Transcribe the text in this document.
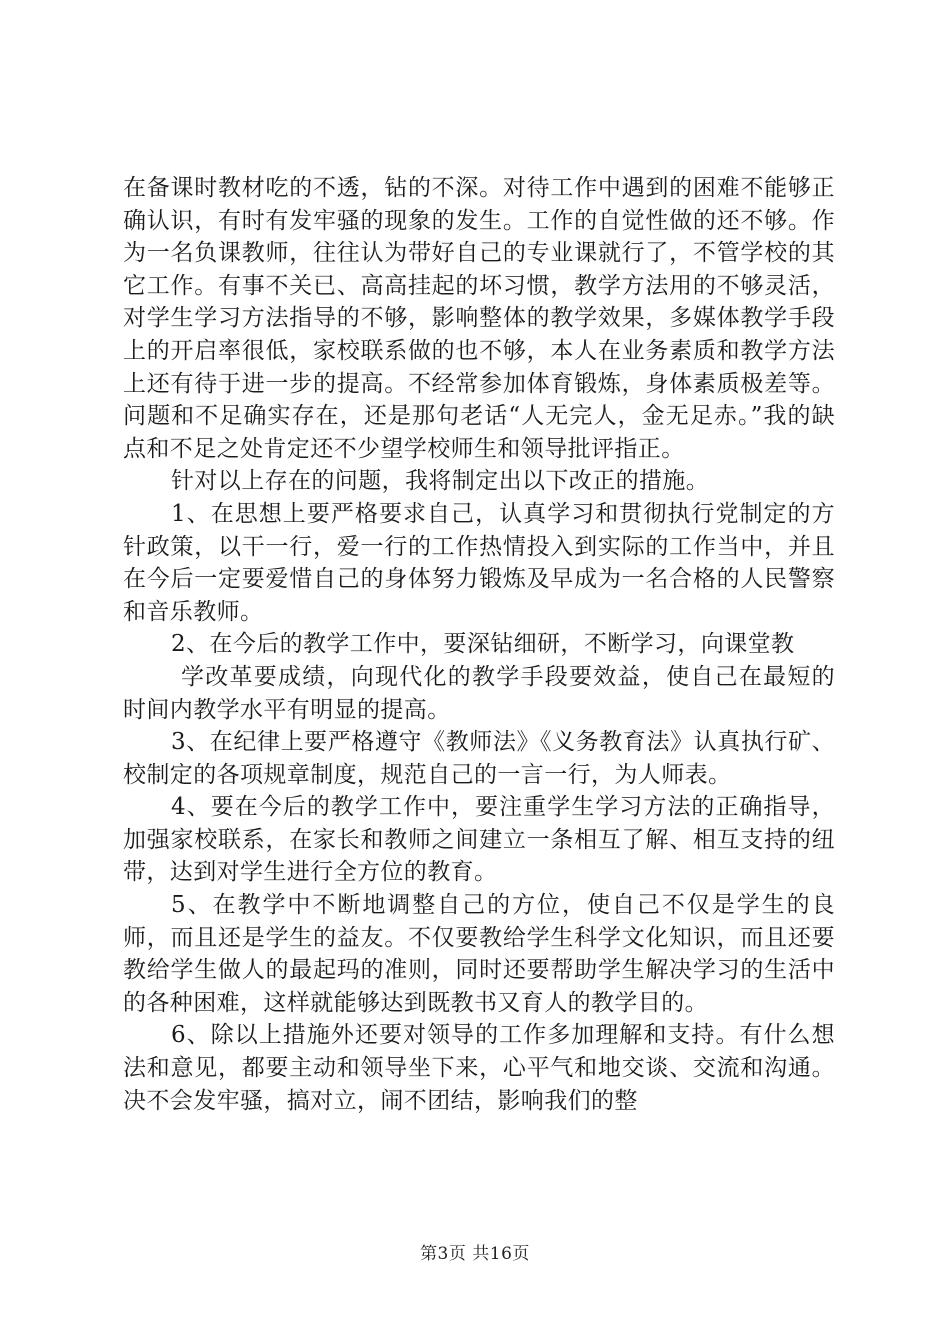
在备课时教材吃的不透，钻的不深。对待工作中遇到的困难不能够正确认识，有时有发牢骚的现象的发生。工作的自觉性做的还不够。作为一名负课教师，往往认为带好自己的专业课就行了，不管学校的其它工作。有事不关已、高高挂起的坏习惯，教学方法用的不够灵活，对学生学习方法指导的不够，影响整体的教学效果，多媒体教学手段上的开启率很低，家校联系做的也不够，本人在业务素质和教学方法上还有待于进一步的提高。不经常参加体育锻炼，身体素质极差等。问题和不足确实存在，还是那句老话“人无完人，金无足赤。”我的缺点和不足之处肯定还不少望学校师生和领导批评指正。

针对以上存在的问题，我将制定出以下改正的措施。

1、在思想上要严格要求自己，认真学习和贯彻执行党制定的方针政策，以干一行，爱一行的工作热情投入到实际的工作当中，并且在今后一定要爱惜自己的身体努力锻炼及早成为一名合格的人民警察和音乐教师。

2、在今后的教学工作中，要深钻细研，不断学习，向课堂教

学改革要成绩，向现代化的教学手段要效益，使自己在最短的时间内教学水平有明显的提高。

3、在纪律上要严格遵守《教师法》《义务教育法》认真执行矿、校制定的各项规章制度，规范自己的一言一行，为人师表。

4、要在今后的教学工作中，要注重学生学习方法的正确指导，加强家校联系，在家长和教师之间建立一条相互了解、相互支持的纽带，达到对学生进行全方位的教育。

5、在教学中不断地调整自己的方位，使自己不仅是学生的良师，而且还是学生的益友。不仅要教给学生科学文化知识，而且还要教给学生做人的最起玛的准则，同时还要帮助学生解决学习的生活中的各种困难，这样就能够达到既教书又育人的教学目的。

6、除以上措施外还要对领导的工作多加理解和支持。有什么想法和意见，都要主动和领导坐下来，心平气和地交谈、交流和沟通。决不会发牢骚，搞对立，闹不团结，影响我们的整

第3页 共16页
